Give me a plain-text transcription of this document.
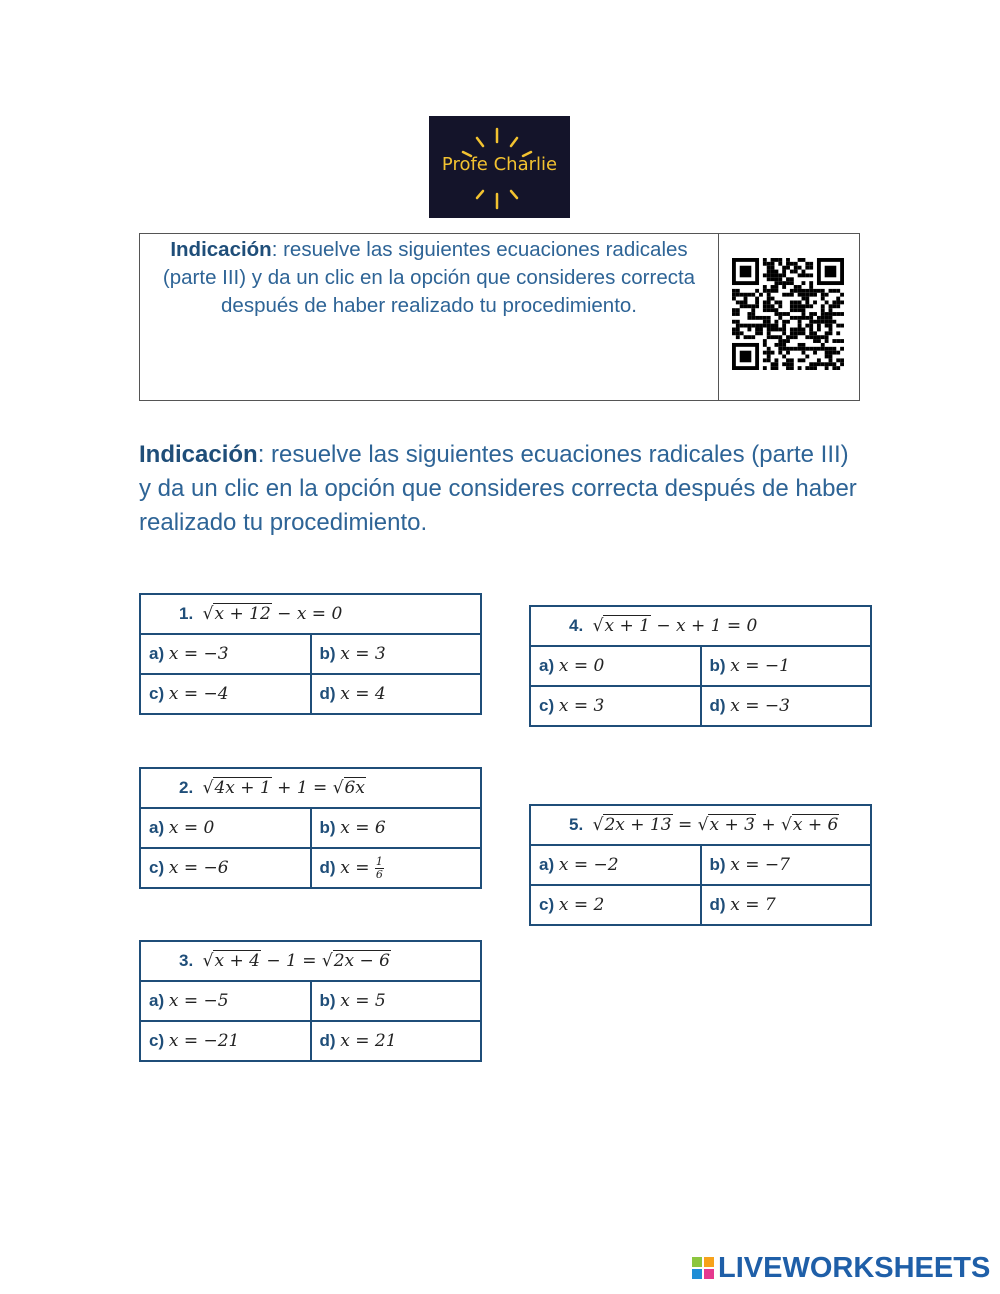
Profe Charlie
Indicación: resuelve las siguientes ecuaciones radicales (parte III) y da un clic en la opción que consideres correcta después de haber realizado tu procedimiento.
Indicación: resuelve las siguientes ecuaciones radicales (parte III) y da un clic en la opción que consideres correcta después de haber realizado tu procedimiento.
1. √x + 12 − x = 0	
a) x = −3	b) x = 3
c) x = −4	d) x = 4
2. √4x + 1 + 1 = √6x	
a) x = 0	b) x = 6
c) x = −6	d) $x = \frac{1}{6}$
3. √x + 4 − 1 = √2x − 6	
a) x = −5	b) x = 5
c) x = −21	d) x = 21
4. √x + 1 − x + 1 = 0	
a) x = 0	b) x = −1
c) x = 3	d) x = −3
5. √2x + 13 = √x + 3 + √x + 6	
a) x = −2	b) x = −7
c) x = 2	d) x = 7
LIVEWORKSHEETS
